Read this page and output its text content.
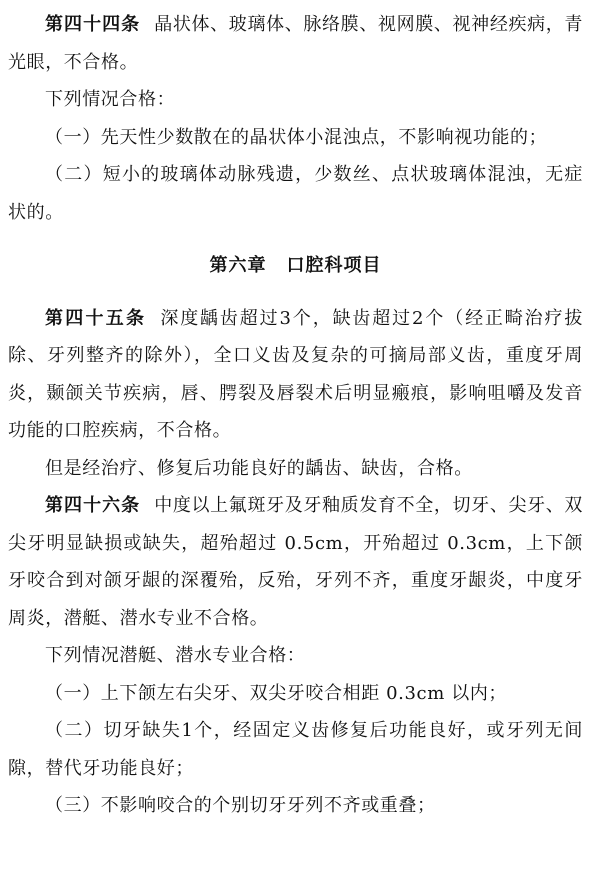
第四十四条 晶状体、玻璃体、脉络膜、视网膜、视神经疾病，青光眼，不合格。

下列情况合格：

（一）先天性少数散在的晶状体小混浊点，不影响视功能的；

（二）短小的玻璃体动脉残遗，少数丝、点状玻璃体混浊，无症状的。

第六章 口腔科项目

第四十五条 深度龋齿超过3个，缺齿超过2个（经正畸治疗拔除、牙列整齐的除外），全口义齿及复杂的可摘局部义齿，重度牙周炎，颞颌关节疾病，唇、腭裂及唇裂术后明显瘢痕，影响咀嚼及发音功能的口腔疾病，不合格。

但是经治疗、修复后功能良好的龋齿、缺齿，合格。

第四十六条 中度以上氟斑牙及牙釉质发育不全，切牙、尖牙、双尖牙明显缺损或缺失，超殆超过 0.5cm，开殆超过 0.3cm，上下颌牙咬合到对颌牙龈的深覆殆，反殆，牙列不齐，重度牙龈炎，中度牙周炎，潜艇、潜水专业不合格。

下列情况潜艇、潜水专业合格：

（一）上下颌左右尖牙、双尖牙咬合相距 0.3cm 以内；

（二）切牙缺失1个，经固定义齿修复后功能良好，或牙列无间隙，替代牙功能良好；

（三）不影响咬合的个别切牙牙列不齐或重叠；
